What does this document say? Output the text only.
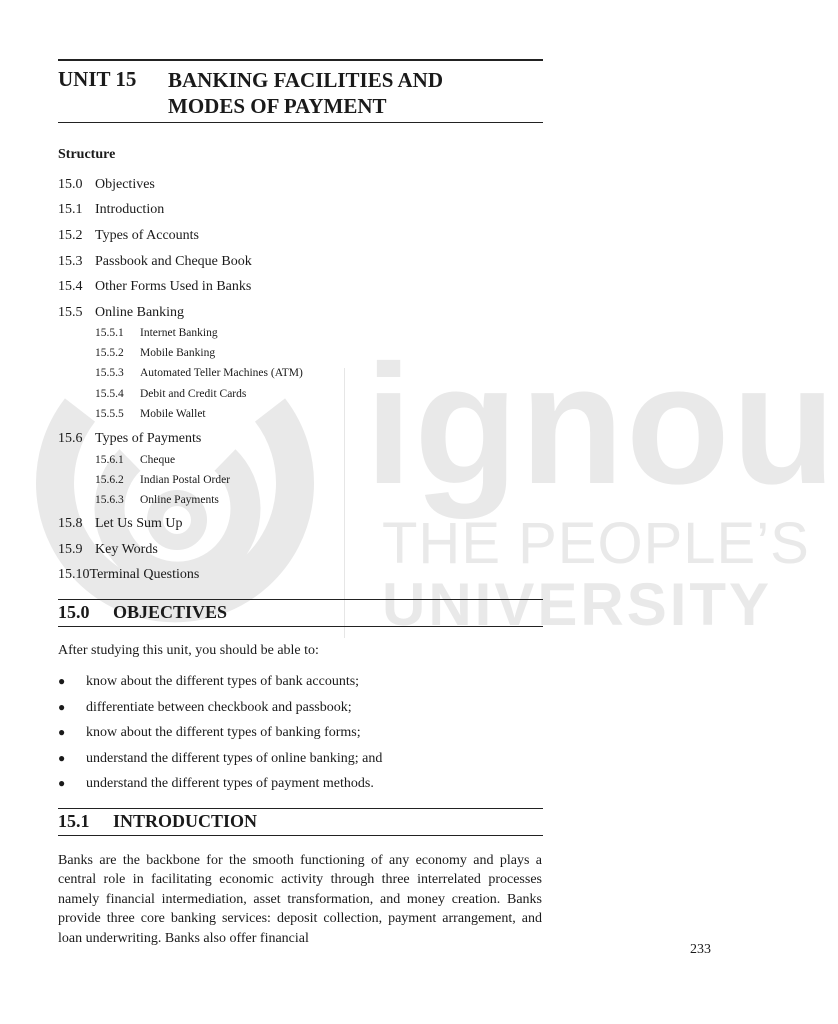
ignou
THE PEOPLE’S
UNIVERSITY
UNIT 15 BANKING FACILITIES AND
MODES OF PAYMENT
Structure
15.0 Objectives
15.1 Introduction
15.2 Types of Accounts
15.3 Passbook and Cheque Book
15.4 Other Forms Used in Banks
15.5 Online Banking
15.5.1 Internet Banking
15.5.2 Mobile Banking
15.5.3 Automated Teller Machines (ATM)
15.5.4 Debit and Credit Cards
15.5.5 Mobile Wallet
15.6 Types of Payments
15.6.1 Cheque
15.6.2 Indian Postal Order
15.6.3 Online Payments
15.8 Let Us Sum Up
15.9 Key Words
15.10Terminal Questions
15.0 OBJECTIVES
After studying this unit, you should be able to:
● know about the different types of bank accounts;
● differentiate between checkbook and passbook;
● know about the different types of banking forms;
● understand the different types of online banking; and
● understand the different types of payment methods.
15.1 INTRODUCTION
Banks are the backbone for the smooth functioning of any economy and plays a central role in facilitating economic activity through three interrelated processes namely financial intermediation, asset transformation, and money creation. Banks provide three core banking services: deposit collection, payment arrangement, and loan underwriting. Banks also offer financial
233
